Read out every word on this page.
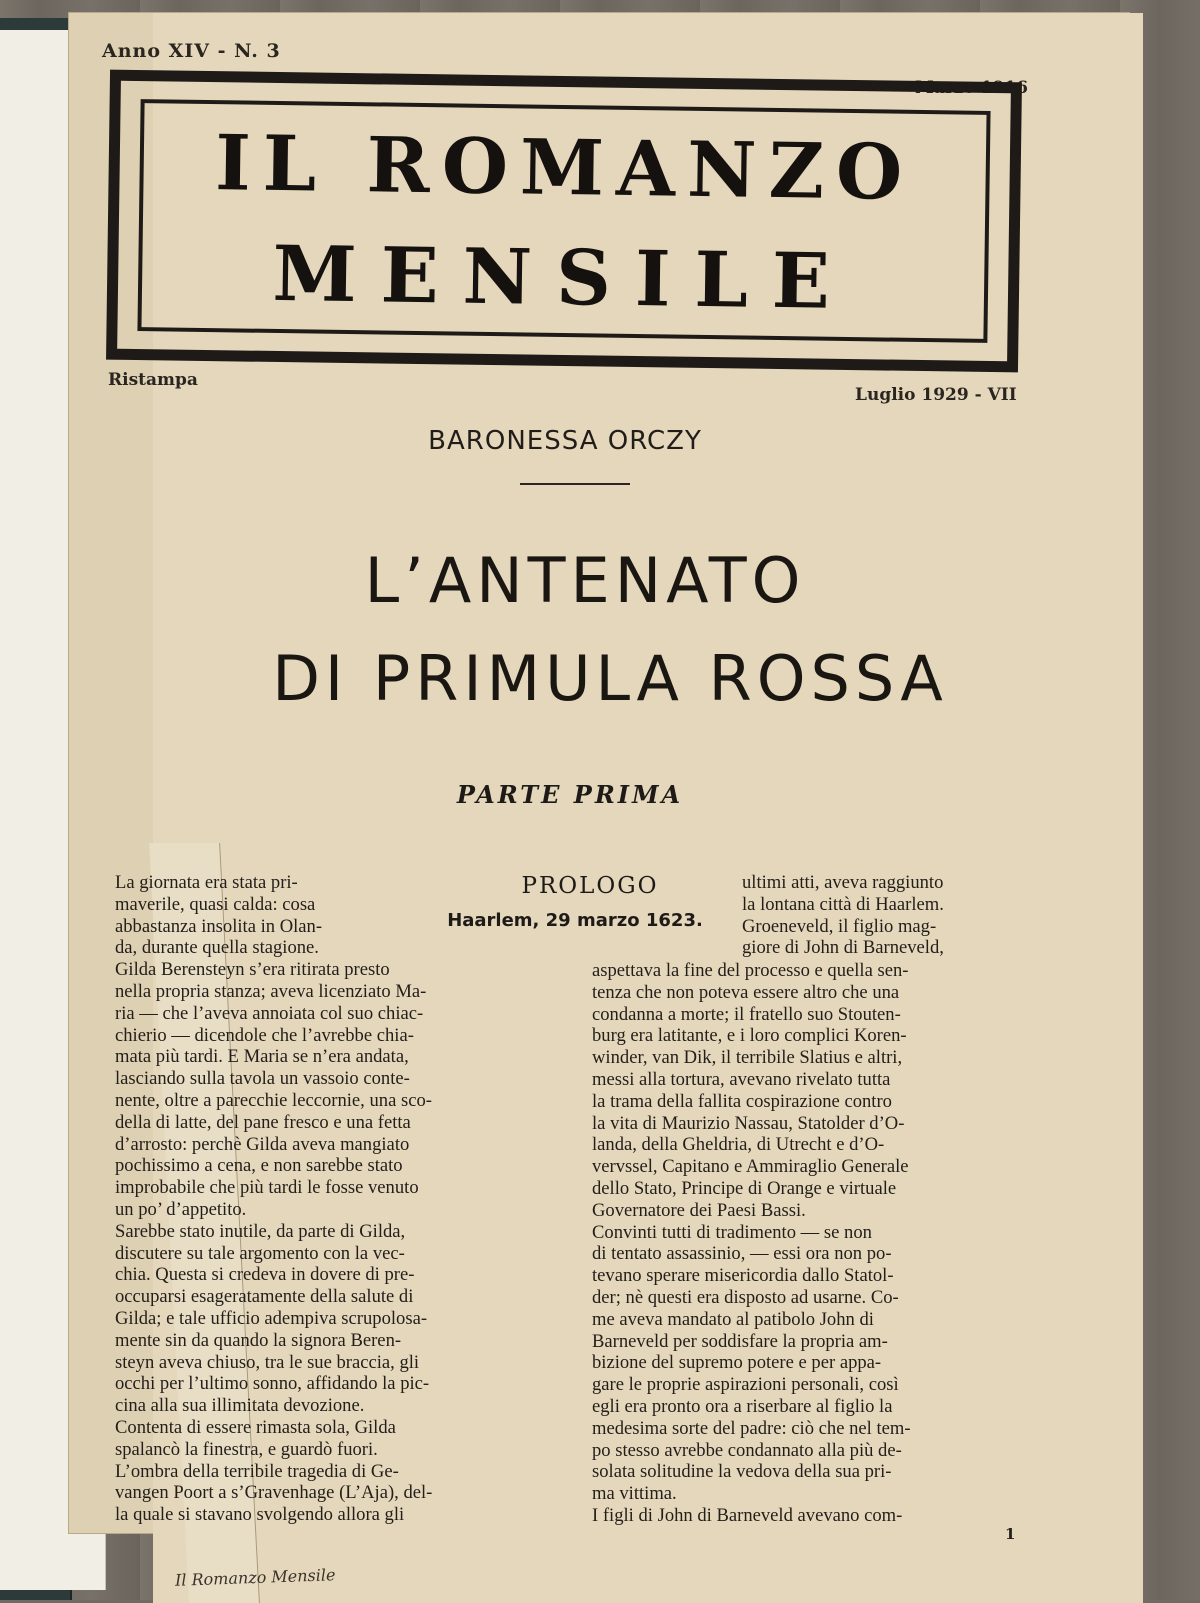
Anno XIV - N. 3
Marzo 1916
IL ROMANZO
MENSILE
Ristampa
Luglio 1929 - VII
BARONESSA ORCZY
L’ANTENATO
DI PRIMULA ROSSA
PARTE PRIMA
PROLOGO
Haarlem, 29 marzo 1623.

La giornata era stata pri-

maverile, quasi calda: cosa

abbastanza insolita in Olan-

da, durante quella stagione.

Gilda Berensteyn s’era ritirata presto

nella propria stanza; aveva licenziato Ma-

ria — che l’aveva annoiata col suo chiac-

chierio — dicendole che l’avrebbe chia-

mata più tardi. E Maria se n’era andata,

lasciando sulla tavola un vassoio conte-

nente, oltre a parecchie leccornie, una sco-

della di latte, del pane fresco e una fetta

d’arrosto: perchè Gilda aveva mangiato

pochissimo a cena, e non sarebbe stato

improbabile che più tardi le fosse venuto

un po’ d’appetito.

Sarebbe stato inutile, da parte di Gilda,

discutere su tale argomento con la vec-

chia. Questa si credeva in dovere di pre-

occuparsi esageratamente della salute di

Gilda; e tale ufficio adempiva scrupolosa-

mente sin da quando la signora Beren-

steyn aveva chiuso, tra le sue braccia, gli

occhi per l’ultimo sonno, affidando la pic-

cina alla sua illimitata devozione.

Contenta di essere rimasta sola, Gilda

spalancò la finestra, e guardò fuori.

L’ombra della terribile tragedia di Ge-

vangen Poort a s’Gravenhage (L’Aja), del-

la quale si stavano svolgendo allora gli

ultimi atti, aveva raggiunto

la lontana città di Haarlem.

Groeneveld, il figlio mag-

giore di John di Barneveld,

aspettava la fine del processo e quella sen-

tenza che non poteva essere altro che una

condanna a morte; il fratello suo Stouten-

burg era latitante, e i loro complici Koren-

winder, van Dik, il terribile Slatius e altri,

messi alla tortura, avevano rivelato tutta

la trama della fallita cospirazione contro

la vita di Maurizio Nassau, Statolder d’O-

landa, della Gheldria, di Utrecht e d’O-

vervssel, Capitano e Ammiraglio Generale

dello Stato, Principe di Orange e virtuale

Governatore dei Paesi Bassi.

Convinti tutti di tradimento — se non

di tentato assassinio, — essi ora non po-

tevano sperare misericordia dallo Statol-

der; nè questi era disposto ad usarne. Co-

me aveva mandato al patibolo John di

Barneveld per soddisfare la propria am-

bizione del supremo potere e per appa-

gare le proprie aspirazioni personali, così

egli era pronto ora a riserbare al figlio la

medesima sorte del padre: ciò che nel tem-

po stesso avrebbe condannato alla più de-

solata solitudine la vedova della sua pri-

ma vittima.

I figli di John di Barneveld avevano com-

1
Il Romanzo Mensile
